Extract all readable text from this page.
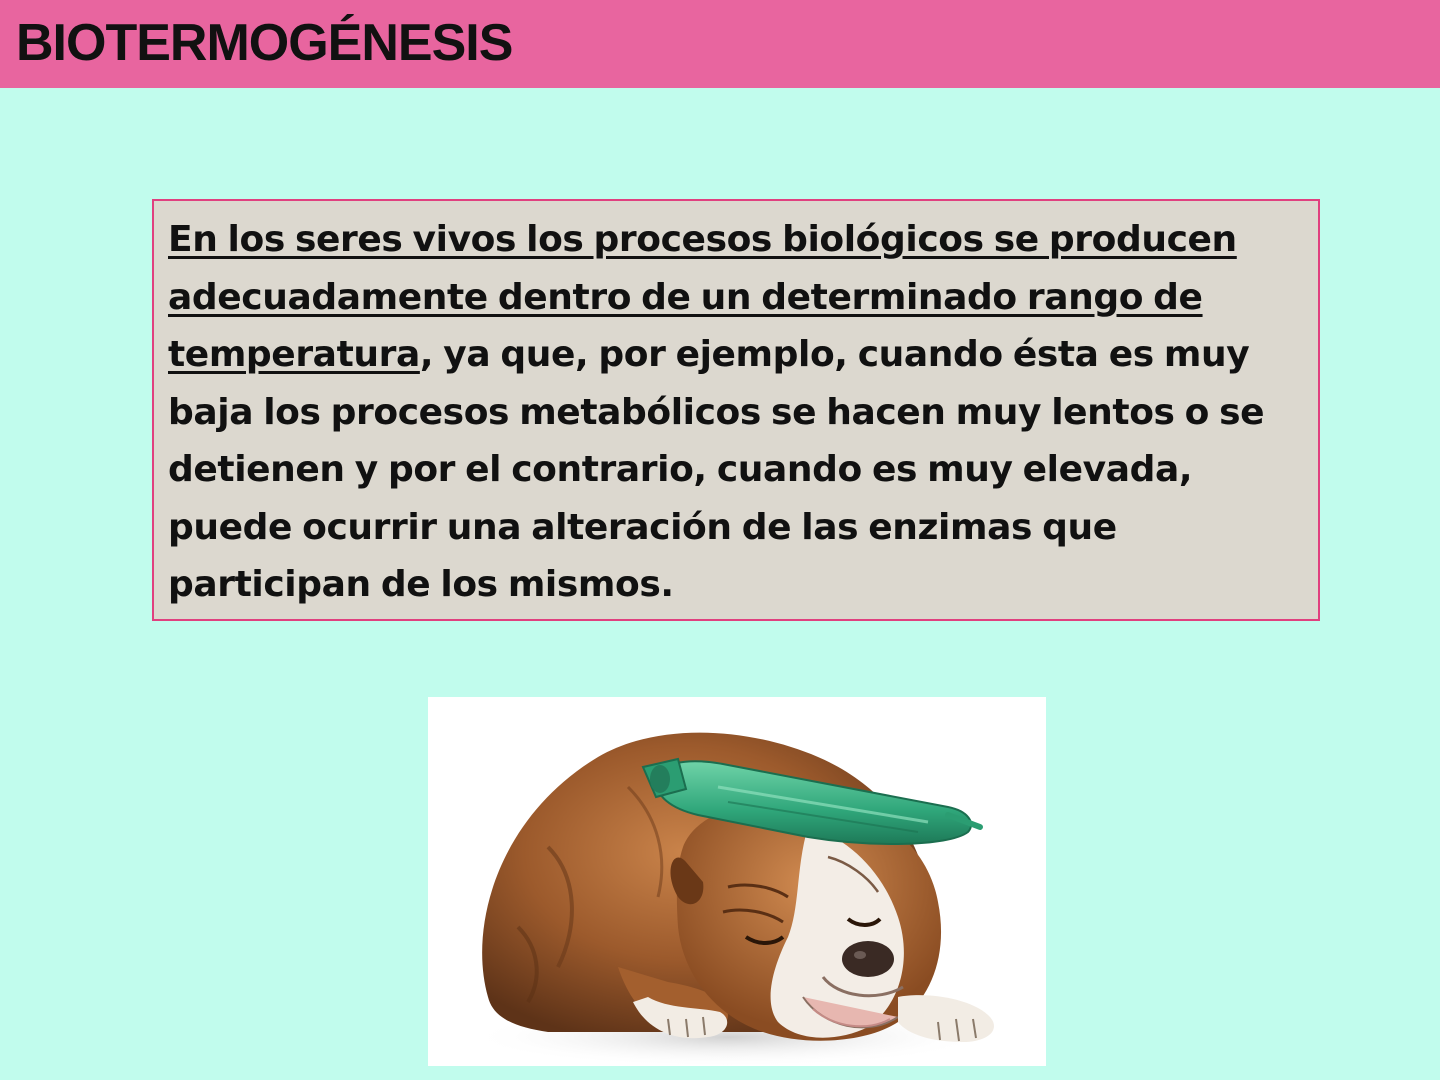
BIOTERMOGÉNESIS

En los seres vivos los procesos biológicos se producen adecuadamente dentro de un determinado rango de temperatura, ya que, por ejemplo, cuando ésta es muy baja los procesos metabólicos se hacen muy lentos o se detienen y por el contrario, cuando es muy elevada, puede ocurrir una alteración de las enzimas que participan de los mismos.
